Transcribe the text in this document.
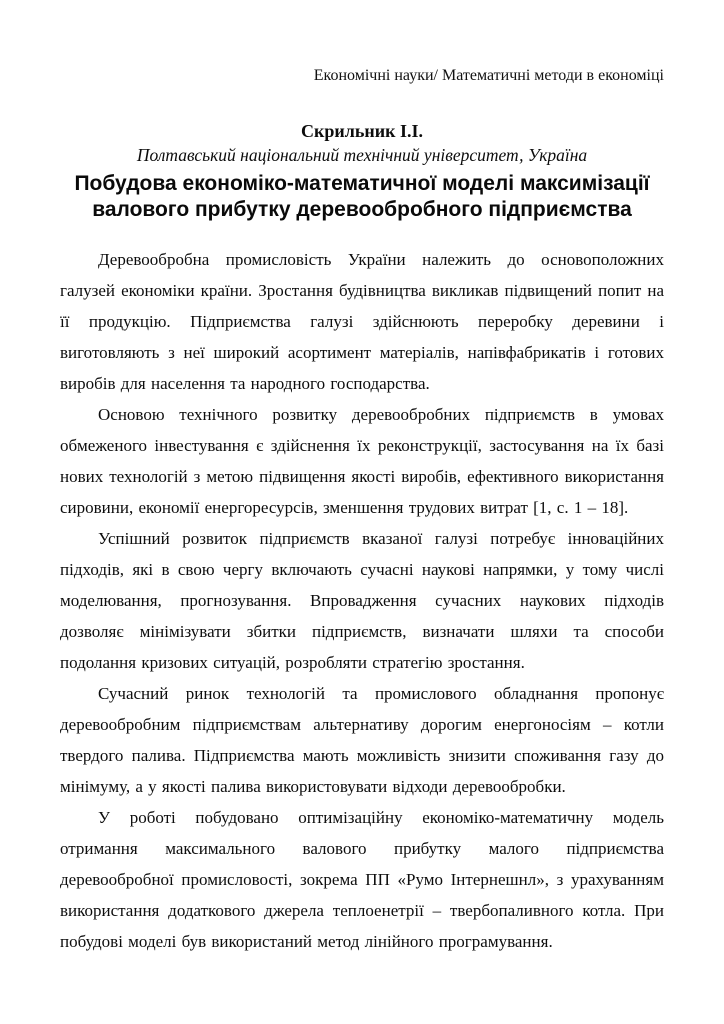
Економічні науки/ Математичні методи в економіці
Скрильник І.І.
Полтавський національний технічний університет, Україна
Побудова економіко-математичної моделі максимізації валового прибутку деревообробного підприємства

Деревообробна промисловість України належить до основоположних галузей економіки країни. Зростання будівництва викликав підвищений попит на її продукцію. Підприємства галузі здійснюють переробку деревини і виготовляють з неї широкий асортимент матеріалів, напівфабрикатів і готових виробів для населення та народного господарства.

Основою технічного розвитку деревообробних підприємств в умовах обмеженого інвестування є здійснення їх реконструкції, застосування на їх базі нових технологій з метою підвищення якості виробів, ефективного використання сировини, економії енергоресурсів, зменшення трудових витрат [1, с. 1 – 18].

Успішний розвиток підприємств вказаної галузі потребує інноваційних підходів, які в свою чергу включають сучасні наукові напрямки, у тому числі моделювання, прогнозування. Впровадження сучасних наукових підходів дозволяє мінімізувати збитки підприємств, визначати шляхи та способи подолання кризових ситуацій, розробляти стратегію зростання.

Сучасний ринок технологій та промислового обладнання пропонує деревообробним підприємствам альтернативу дорогим енергоносіям – котли твердого палива. Підприємства мають можливість знизити споживання газу до мінімуму, а у якості палива використовувати відходи деревообробки.

У роботі побудовано оптимізаційну економіко-математичну модель отримання максимального валового прибутку малого підприємства деревообробної промисловості, зокрема ПП «Румо Інтернешнл», з урахуванням використання додаткового джерела теплоенетрії – твербопаливного котла. При побудові моделі був використаний метод лінійного програмування.
